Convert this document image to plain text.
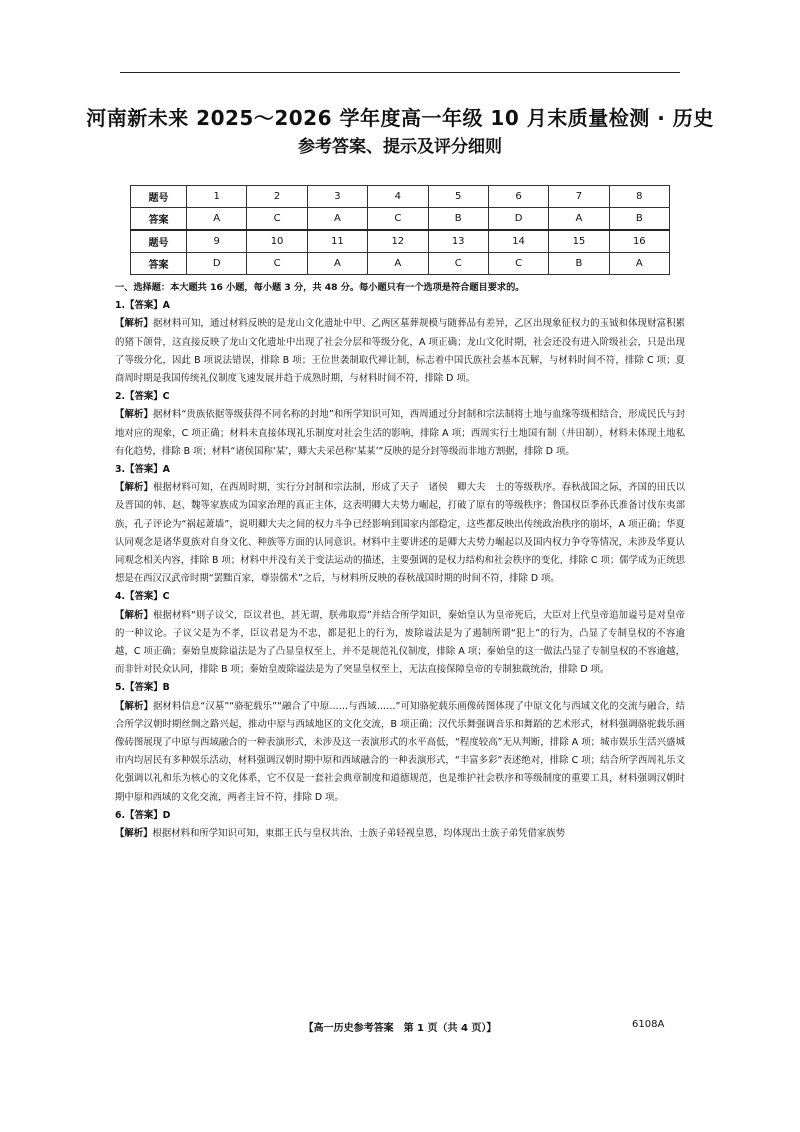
河南新未来 2025～2026 学年度高一年级 10 月末质量检测 · 历史
参考答案、提示及评分细则
题号	1	2	3	4	5	6	7	8
答案	A	C	A	C	B	D	A	B
题号	9	10	11	12	13	14	15	16
答案	D	C	A	A	C	C	B	A

一、选择题：本大题共 16 小题，每小题 3 分，共 48 分。每小题只有一个选项是符合题目要求的。

1.【答案】A

【解析】据材料可知，通过材料反映的是龙山文化遗址中甲、乙两区墓葬规模与随葬品有差异，乙区出现象征权力的玉钺和体现财富积累的猪下颌骨，这直接反映了龙山文化遗址中出现了社会分层和等级分化，A 项正确；龙山文化时期，社会还没有进入阶级社会，只是出现了等级分化，因此 B 项说法错误，排除 B 项；王位世袭制取代禅让制，标志着中国氏族社会基本瓦解，与材料时间不符，排除 C 项；夏商周时期是我国传统礼仪制度飞速发展并趋于成熟时期，与材料时间不符，排除 D 项。

2.【答案】C

【解析】据材料“贵族依据等级获得不同名称的封地”和所学知识可知，西周通过分封制和宗法制将土地与血缘等级相结合，形成民氏与封地对应的现象，C 项正确；材料未直接体现礼乐制度对社会生活的影响，排除 A 项；西周实行土地国有制（井田制），材料未体现土地私有化趋势，排除 B 项；材料“诸侯国称‘某’，卿大夫采邑称‘某某’”反映的是分封等级而非地方割据，排除 D 项。

3.【答案】A

【解析】根据材料可知，在西周时期，实行分封制和宗法制，形成了天子　诸侯　卿大夫　士的等级秩序。春秋战国之际，齐国的田氏以及晋国的韩、赵、魏等家族成为国家治理的真正主体，这表明卿大夫势力崛起，打破了原有的等级秩序；鲁国权臣季孙氏准备讨伐东夷部族，孔子评论为“祸起萧墙”，说明卿大夫之间的权力斗争已经影响到国家内部稳定，这些都反映出传统政治秩序的崩坏，A 项正确；华夏认同观念是诸华夏族对自身文化、种族等方面的认同意识。材料中主要讲述的是卿大夫势力崛起以及国内权力争夺等情况，未涉及华夏认同观念相关内容，排除 B 项；材料中并没有关于变法运动的描述，主要强调的是权力结构和社会秩序的变化，排除 C 项；儒学成为正统思想是在西汉汉武帝时期“罢黜百家，尊崇儒术”之后，与材料所反映的春秋战国时期的时间不符，排除 D 项。

4.【答案】C

【解析】根据材料“则子议父，臣议君也，甚无谓，朕弗取焉”并结合所学知识，秦始皇认为皇帝死后，大臣对上代皇帝追加谥号是对皇帝的一种议论。子议父是为不孝，臣议君是为不忠，都是犯上的行为，废除谥法是为了遏制所谓“犯上”的行为，凸显了专制皇权的不容逾越，C 项正确；秦始皇废除谥法是为了凸显皇权至上，并不是规范礼仪制度，排除 A 项；秦始皇的这一做法凸显了专制皇权的不容逾越，而非针对民众认同，排除 B 项；秦始皇废除谥法是为了突显皇权至上，无法直接保障皇帝的专制独裁统治，排除 D 项。

5.【答案】B

【解析】据材料信息“汉墓”“骆驼载乐”“融合了中原……与西域……”可知骆驼载乐画像砖图体现了中原文化与西域文化的交流与融合，结合所学汉朝时期丝绸之路兴起，推动中原与西域地区的文化交流，B 项正确；汉代乐舞强调音乐和舞蹈的艺术形式，材料强调骆驼载乐画像砖图展现了中原与西域融合的一种表演形式，未涉及这一表演形式的水平高低，“程度较高”无从判断，排除 A 项；城市娱乐生活兴盛城市内均居民有多种娱乐活动，材料强调汉朝时期中原和西域融合的一种表演形式，“丰富多彩”表述绝对，排除 C 项；结合所学西周礼乐文化强调以礼和乐为核心的文化体系，它不仅是一套社会典章制度和道德规范，也是维护社会秩序和等级制度的重要工具，材料强调汉朝时期中原和西域的文化交流，两者主旨不符，排除 D 项。

6.【答案】D

【解析】根据材料和所学知识可知，東郡王氏与皇权共治、士族子弟轻视皇恩，均体现出士族子弟凭借家族势

【高一历史参考答案　第 1 页（共 4 页）】	6108A
